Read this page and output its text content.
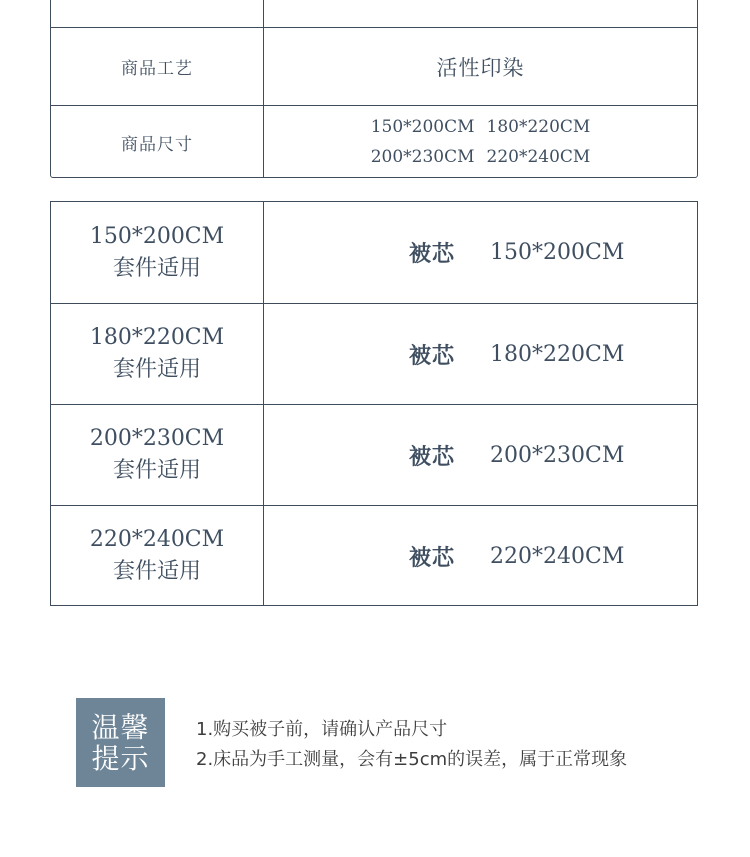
商品工艺	活性印染
商品尺寸
150*200CM 180*220CM
200*230CM 220*240CM
150*200CM
套件适用
被芯	150*200CM
180*220CM
套件适用
被芯	180*220CM
200*230CM
套件适用
被芯	200*230CM
220*240CM
套件适用
被芯	220*240CM
温馨
提示
1.购买被子前，请确认产品尺寸
2.床品为手工测量，会有±5cm的误差，属于正常现象
